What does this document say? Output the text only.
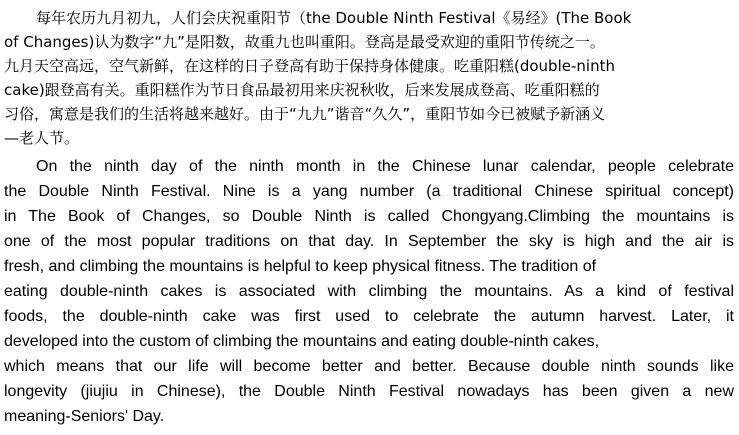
每年农历九月初九，人们会庆祝重阳节（the Double Ninth Festival《易经》(The Book
of Changes)认为数字“九”是阳数，故重九也叫重阳。登高是最受欢迎的重阳节传统之一。
九月天空高远，空气新鲜，在这样的日子登高有助于保持身体健康。吃重阳糕(double-ninth
cake)跟登高有关。重阳糕作为节日食品最初用来庆祝秋收，后来发展成登高、吃重阳糕的
习俗，寓意是我们的生活将越来越好。由于“九九”谐音“久久”，重阳节如今已被赋予新涵义
—老人节。
On the ninth day of the ninth month in the Chinese lunar calendar, people celebrate
the Double Ninth Festival. Nine is a yang number (a traditional Chinese spiritual concept)
in The Book of Changes, so Double Ninth is called Chongyang.Climbing the mountains is
one of the most popular traditions on that day. In September the sky is high and the air is
fresh, and climbing the mountains is helpful to keep physical fitness. The tradition of
eating double-ninth cakes is associated with climbing the mountains. As a kind of festival
foods, the double-ninth cake was first used to celebrate the autumn harvest. Later, it
developed into the custom of climbing the mountains and eating double-ninth cakes,
which means that our life will become better and better. Because double ninth sounds like
longevity (jiujiu in Chinese), the Double Ninth Festival nowadays has been given a new
meaning-Seniors' Day.
